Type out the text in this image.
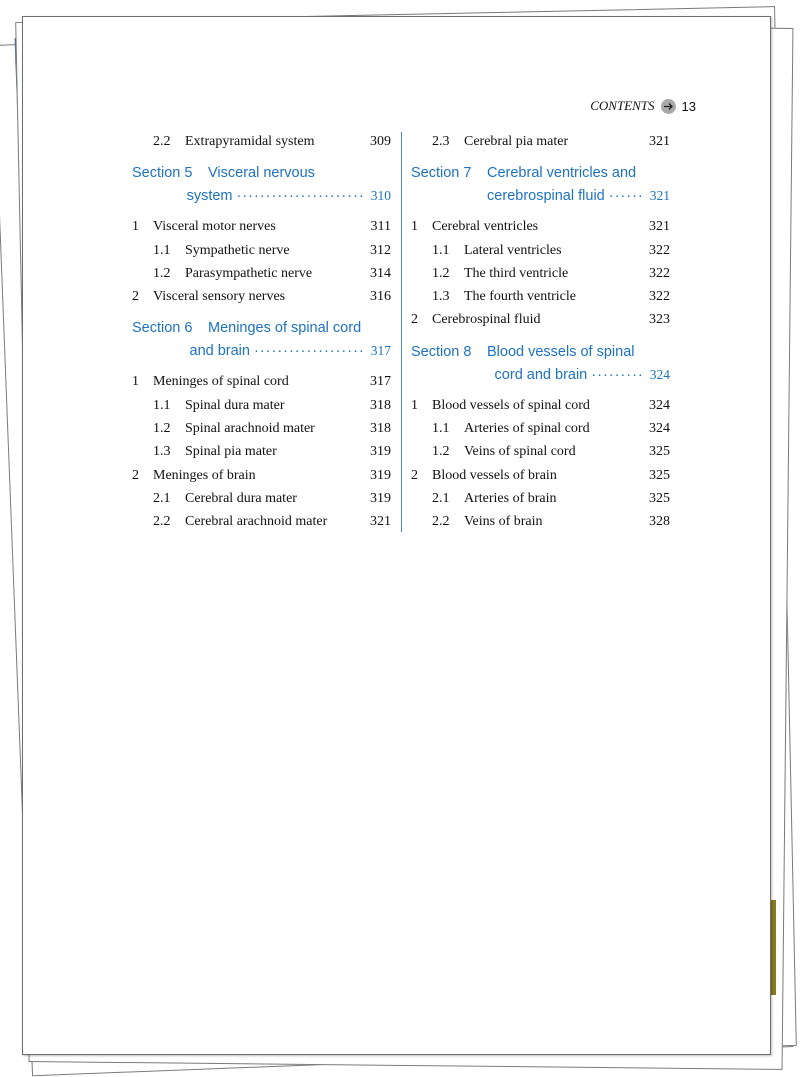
CONTENTS 13
2.2 Extrapyramidal system	309
Section 5 Visceral nervous
system ······················ 310
1 Visceral motor nerves	311
1.1 Sympathetic nerve	312
1.2 Parasympathetic nerve	314
2 Visceral sensory nerves	316
Section 6 Meninges of spinal cord
and brain ··················· 317
1 Meninges of spinal cord	317
1.1 Spinal dura mater	318
1.2 Spinal arachnoid mater	318
1.3 Spinal pia mater	319
2 Meninges of brain	319
2.1 Cerebral dura mater	319
2.2 Cerebral arachnoid mater	321
2.3 Cerebral pia mater	321
Section 7 Cerebral ventricles and
cerebrospinal fluid ······ 321
1 Cerebral ventricles	321
1.1 Lateral ventricles	322
1.2 The third ventricle	322
1.3 The fourth ventricle	322
2 Cerebrospinal fluid	323
Section 8 Blood vessels of spinal
cord and brain ········· 324
1 Blood vessels of spinal cord	324
1.1 Arteries of spinal cord	324
1.2 Veins of spinal cord	325
2 Blood vessels of brain	325
2.1 Arteries of brain	325
2.2 Veins of brain	328
